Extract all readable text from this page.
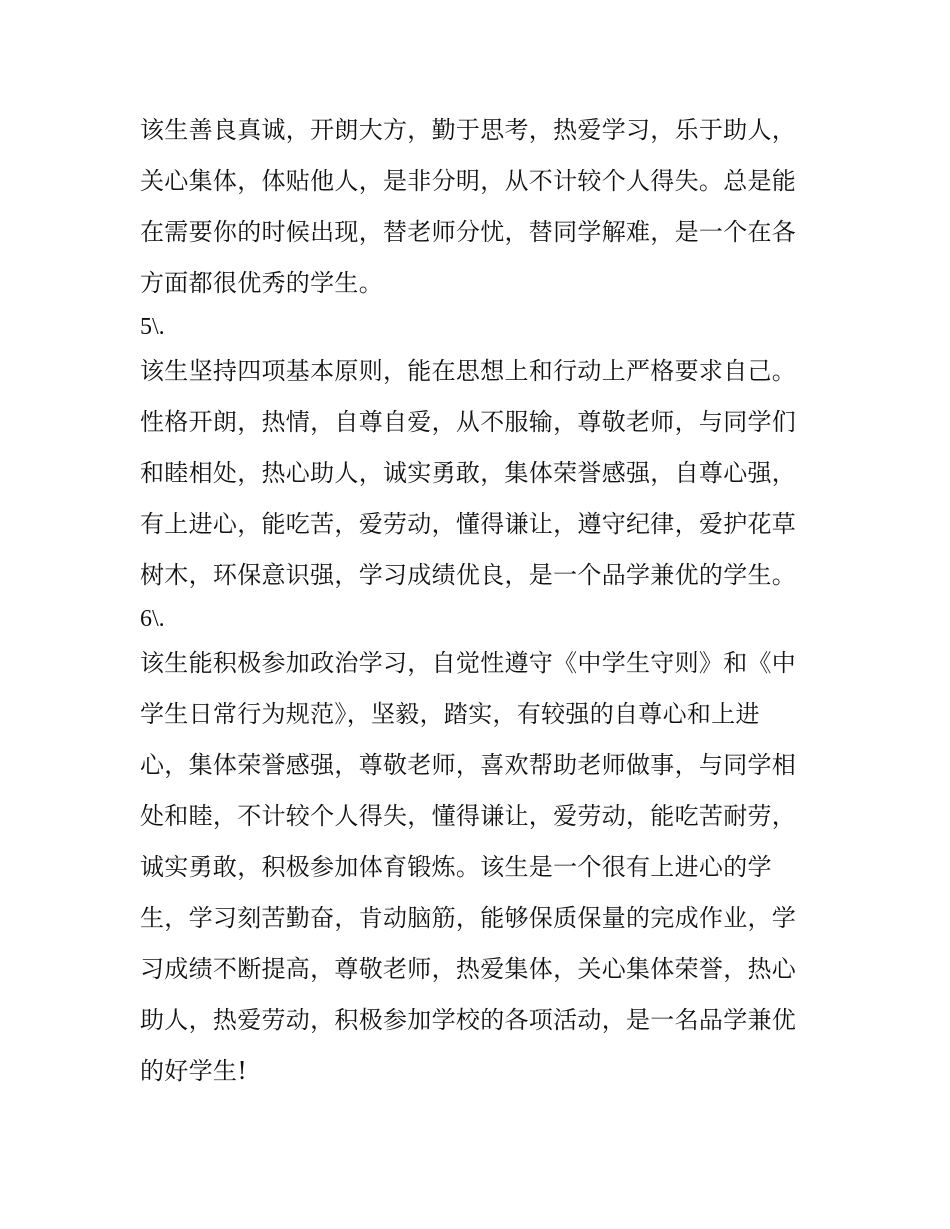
该生善良真诚，开朗大方，勤于思考，热爱学习，乐于助人，
关心集体，体贴他人，是非分明，从不计较个人得失。总是能
在需要你的时候出现，替老师分忧，替同学解难，是一个在各
方面都很优秀的学生。
5\.
该生坚持四项基本原则，能在思想上和行动上严格要求自己。
性格开朗，热情，自尊自爱，从不服输，尊敬老师，与同学们
和睦相处，热心助人，诚实勇敢，集体荣誉感强，自尊心强，
有上进心，能吃苦，爱劳动，懂得谦让，遵守纪律，爱护花草
树木，环保意识强，学习成绩优良，是一个品学兼优的学生。
6\.
该生能积极参加政治学习，自觉性遵守《中学生守则》和《中
学生日常行为规范》，坚毅，踏实，有较强的自尊心和上进
心，集体荣誉感强，尊敬老师，喜欢帮助老师做事，与同学相
处和睦，不计较个人得失，懂得谦让，爱劳动，能吃苦耐劳，
诚实勇敢，积极参加体育锻炼。该生是一个很有上进心的学
生，学习刻苦勤奋，肯动脑筋，能够保质保量的完成作业，学
习成绩不断提高，尊敬老师，热爱集体，关心集体荣誉，热心
助人，热爱劳动，积极参加学校的各项活动，是一名品学兼优
的好学生!
